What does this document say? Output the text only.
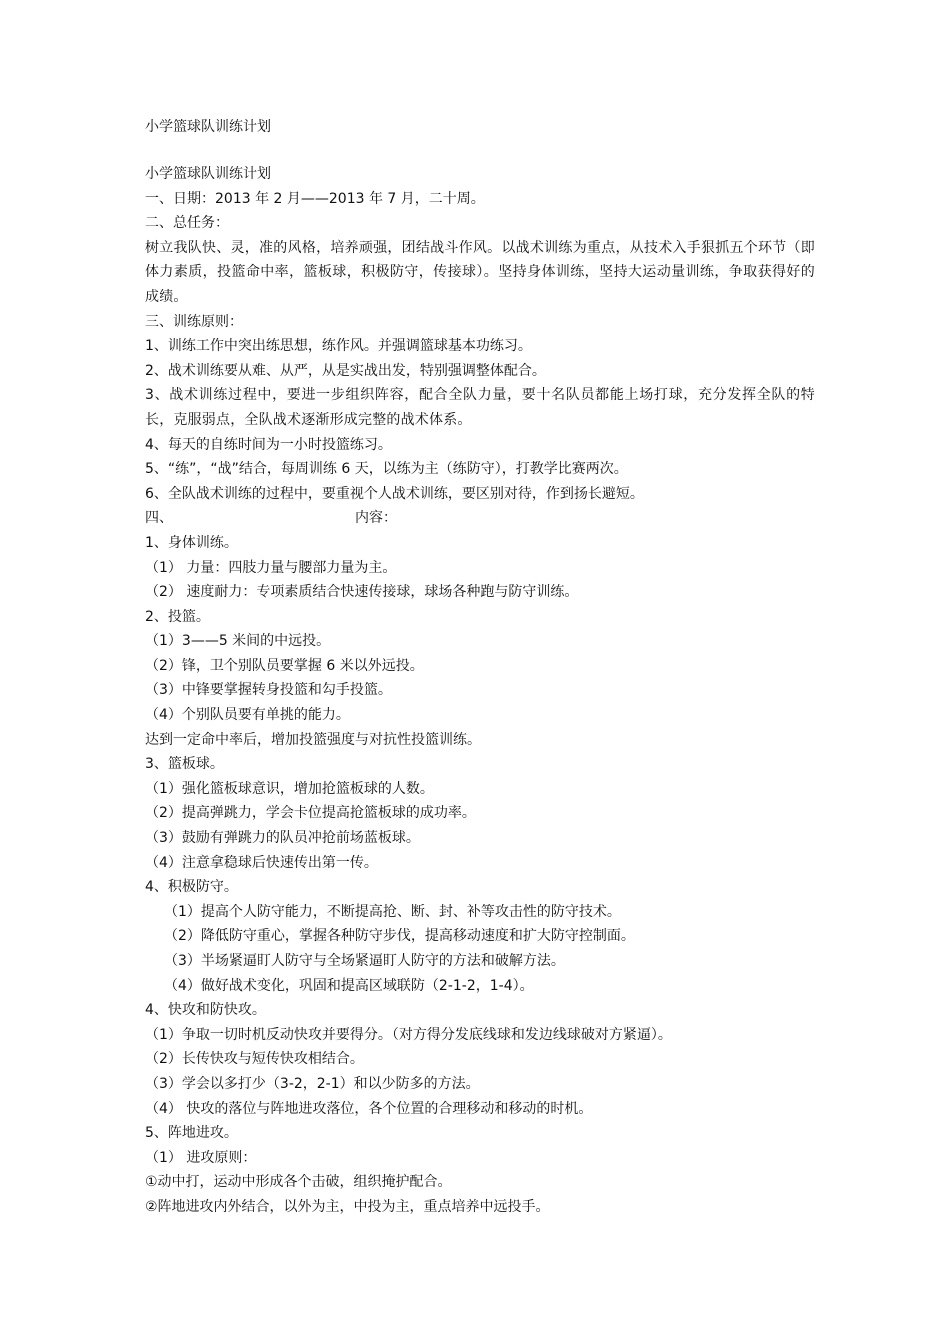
小学篮球队训练计划
小学篮球队训练计划
一、日期：2013 年 2 月——2013 年 7 月，二十周。
二、总任务：
树立我队快、灵，准的风格，培养顽强，团结战斗作风。以战术训练为重点，从技术入手狠抓五个环节（即体力素质，投篮命中率，篮板球，积极防守，传接球）。坚持身体训练，坚持大运动量训练，争取获得好的成绩。
三、训练原则：
1、训练工作中突出练思想，练作风。并强调篮球基本功练习。
2、战术训练要从难、从严，从是实战出发，特别强调整体配合。
3、战术训练过程中，要进一步组织阵容，配合全队力量，要十名队员都能上场打球，充分发挥全队的特长，克服弱点，全队战术逐渐形成完整的战术体系。
4、每天的自练时间为一小时投篮练习。
5、“练”，“战”结合，每周训练 6 天，以练为主（练防守），打教学比赛两次。
6、全队战术训练的过程中，要重视个人战术训练，要区别对待，作到扬长避短。
四、	内容：
1、身体训练。
（1） 力量：四肢力量与腰部力量为主。
（2） 速度耐力：专项素质结合快速传接球，球场各种跑与防守训练。
2、投篮。
（1）3——5 米间的中远投。
（2）锋，卫个别队员要掌握 6 米以外远投。
（3）中锋要掌握转身投篮和勾手投篮。
（4）个别队员要有单挑的能力。
达到一定命中率后，增加投篮强度与对抗性投篮训练。
3、篮板球。
（1）强化篮板球意识，增加抢篮板球的人数。
（2）提高弹跳力，学会卡位提高抢篮板球的成功率。
（3）鼓励有弹跳力的队员冲抢前场蓝板球。
（4）注意拿稳球后快速传出第一传。
4、积极防守。
（1）提高个人防守能力，不断提高抢、断、封、补等攻击性的防守技术。
（2）降低防守重心，掌握各种防守步伐，提高移动速度和扩大防守控制面。
（3）半场紧逼盯人防守与全场紧逼盯人防守的方法和破解方法。
（4）做好战术变化，巩固和提高区域联防（2-1-2，1-4）。
4、快攻和防快攻。
（1）争取一切时机反动快攻并要得分。（对方得分发底线球和发边线球破对方紧逼）。
（2）长传快攻与短传快攻相结合。
（3）学会以多打少（3-2，2-1）和以少防多的方法。
（4） 快攻的落位与阵地进攻落位，各个位置的合理移动和移动的时机。
5、阵地进攻。
（1） 进攻原则：
①动中打，运动中形成各个击破，组织掩护配合。
②阵地进攻内外结合，以外为主，中投为主，重点培养中远投手。
